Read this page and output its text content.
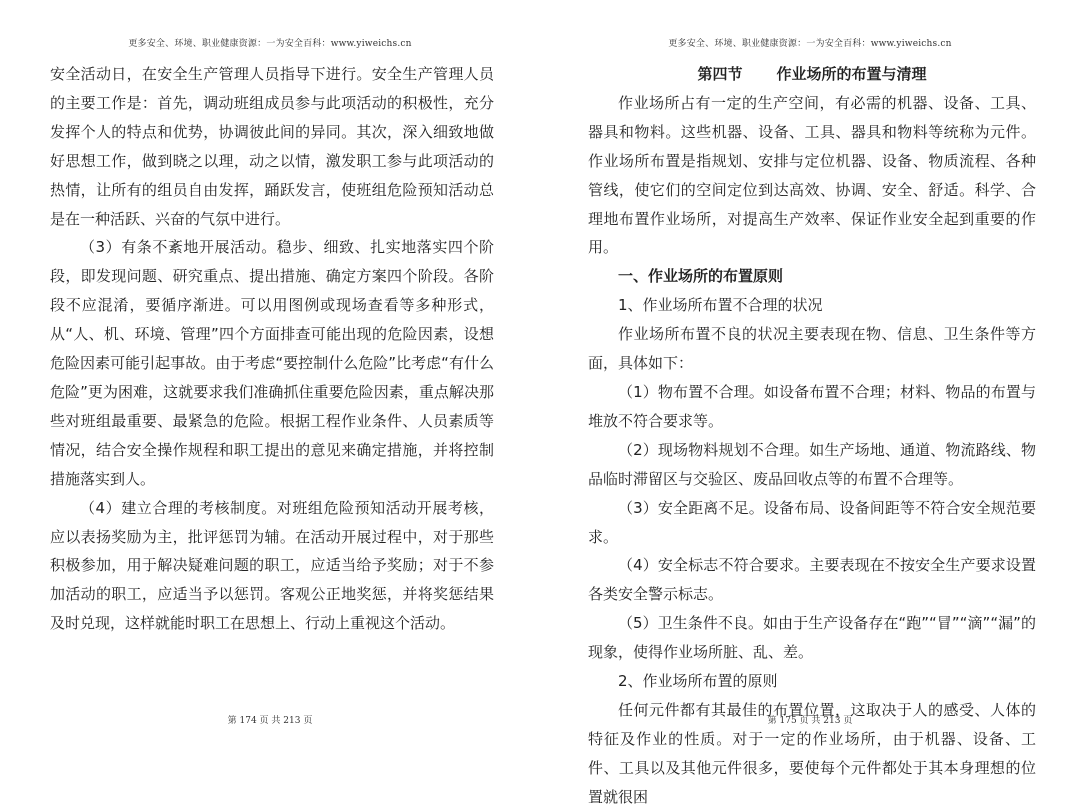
更多安全、环境、职业健康资源：一为安全百科：www.yiweichs.cn

安全活动日，在安全生产管理人员指导下进行。安全生产管理人员的主要工作是：首先，调动班组成员参与此项活动的积极性，充分发挥个人的特点和优势，协调彼此间的异同。其次，深入细致地做好思想工作，做到晓之以理，动之以情，激发职工参与此项活动的热情，让所有的组员自由发挥，踊跃发言，使班组危险预知活动总是在一种活跃、兴奋的气氛中进行。

（3）有条不紊地开展活动。稳步、细致、扎实地落实四个阶段，即发现问题、研究重点、提出措施、确定方案四个阶段。各阶段不应混淆，要循序渐进。可以用图例或现场查看等多种形式，从“人、机、环境、管理”四个方面排查可能出现的危险因素，设想危险因素可能引起事故。由于考虑“要控制什么危险”比考虑“有什么危险”更为困难，这就要求我们准确抓住重要危险因素，重点解决那些对班组最重要、最紧急的危险。根据工程作业条件、人员素质等情况，结合安全操作规程和职工提出的意见来确定措施，并将控制措施落实到人。

（4）建立合理的考核制度。对班组危险预知活动开展考核，应以表扬奖励为主，批评惩罚为辅。在活动开展过程中，对于那些积极参加，用于解决疑难问题的职工，应适当给予奖励；对于不参加活动的职工，应适当予以惩罚。客观公正地奖惩，并将奖惩结果及时兑现，这样就能时职工在思想上、行动上重视这个活动。

第 174 页 共 213 页
更多安全、环境、职业健康资源：一为安全百科：www.yiweichs.cn

第四节 作业场所的布置与清理

作业场所占有一定的生产空间，有必需的机器、设备、工具、器具和物料。这些机器、设备、工具、器具和物料等统称为元件。作业场所布置是指规划、安排与定位机器、设备、物质流程、各种管线，使它们的空间定位到达高效、协调、安全、舒适。科学、合理地布置作业场所，对提高生产效率、保证作业安全起到重要的作用。

一、作业场所的布置原则

1、作业场所布置不合理的状况

作业场所布置不良的状况主要表现在物、信息、卫生条件等方面，具体如下：

（1）物布置不合理。如设备布置不合理；材料、物品的布置与堆放不符合要求等。

（2）现场物料规划不合理。如生产场地、通道、物流路线、物品临时滞留区与交验区、废品回收点等的布置不合理等。

（3）安全距离不足。设备布局、设备间距等不符合安全规范要求。

（4）安全标志不符合要求。主要表现在不按安全生产要求设置各类安全警示标志。

（5）卫生条件不良。如由于生产设备存在“跑”“冒”“滴”“漏”的现象，使得作业场所脏、乱、差。

2、作业场所布置的原则

任何元件都有其最佳的布置位置，这取决于人的感受、人体的特征及作业的性质。对于一定的作业场所，由于机器、设备、工件、工具以及其他元件很多，要使每个元件都处于其本身理想的位置就很困

第 175 页 共 213 页
